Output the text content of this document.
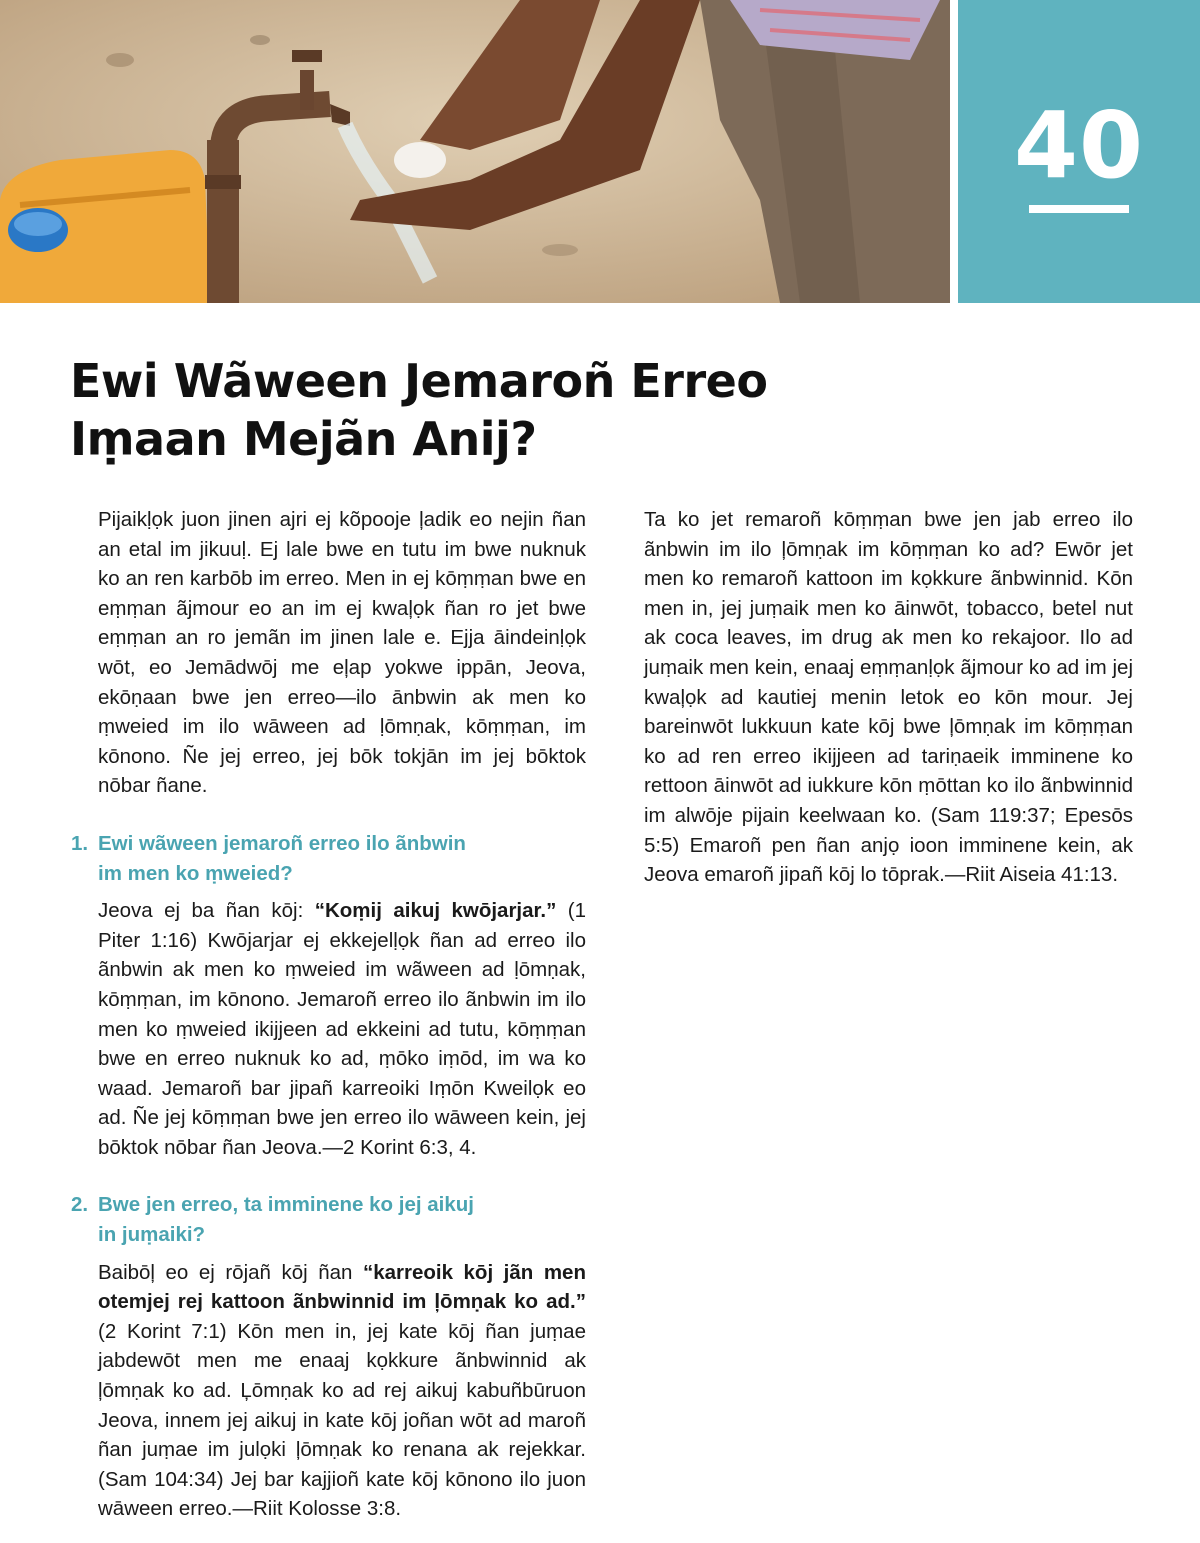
40
Ewi Wãween Jemaroñ Erreo
Iṃaan Mejãn Anij?

Pijaikḷọk juon jinen ajri ej kõpooje ļadik eo nejin ñan an etal im jikuuḷ. Ej lale bwe en tutu im bwe nuknuk ko an ren karbōb im erreo. Men in ej kōṃṃan bwe en eṃṃan ãjmour eo an im ej kwaļọk ñan ro jet bwe eṃṃan an ro jemãn im jinen lale e. Ejja āindeinḷọk wōt, eo Jemādwōj me eļap yokwe ippān, Jeova, ekōṇaan bwe jen erreo—ilo ānbwin ak men ko ṃweied im ilo wāween ad ḷōmṇak, kōṃṃan, im kōnono. Ñe jej erreo, jej bōk tokjān im jej bōktok nōbar ñane.

1. Ewi wãween jemaroñ erreo ilo ãnbwin
im men ko ṃweied?

Jeova ej ba ñan kōj: “Koṃij aikuj kwōjarjar.” (1 Piter 1:16) Kwōjarjar ej ekkejelḷọk ñan ad erreo ilo ãnbwin ak men ko ṃweied im wãween ad ḷōmṇak, kōṃṃan, im kōnono. Jemaroñ erreo ilo ãnbwin im ilo men ko ṃweied ikijjeen ad ekkeini ad tutu, kōṃṃan bwe en erreo nuknuk ko ad, ṃōko iṃōd, im wa ko waad. Jemaroñ bar jipañ karreoiki Iṃōn Kweilọk eo ad. Ñe jej kōṃṃan bwe jen erreo ilo wāween kein, jej bōktok nōbar ñan Jeova.—2 Korint 6:3, 4.

2. Bwe jen erreo, ta imminene ko jej aikuj
in juṃaiki?

Baibōļ eo ej rōjañ kōj ñan “karreoik kōj jãn men otemjej rej kattoon ãnbwinnid im ļōmṇak ko ad.” (2 Korint 7:1) Kōn men in, jej kate kōj ñan juṃae jabdewōt men me enaaj kọkkure ãnbwinnid ak ļōmṇak ko ad. Ļōmṇak ko ad rej aikuj kabuñbūruon Jeova, innem jej aikuj in kate kōj joñan wōt ad maroñ ñan juṃae im julọki ļōmṇak ko renana ak rejekkar. (Sam 104:34) Jej bar kajjioñ kate kōj kōnono ilo juon wāween erreo.—Riit Kolosse 3:8.

Ta ko jet remaroñ kōṃṃan bwe jen jab erreo ilo ãnbwin im ilo ļōmṇak im kōṃṃan ko ad? Ewōr jet men ko remaroñ kattoon im kọkkure ãnbwinnid. Kōn men in, jej juṃaik men ko āinwōt, tobacco, betel nut ak coca leaves, im drug ak men ko rekajoor. Ilo ad juṃaik men kein, enaaj eṃṃanḷọk ãjmour ko ad im jej kwaļọk ad kautiej menin letok eo kōn mour. Jej bareinwōt lukkuun kate kōj bwe ļōmṇak im kōṃṃan ko ad ren erreo ikijjeen ad tariṇaeik imminene ko rettoon āinwōt ad iukkure kōn ṃōttan ko ilo ãnbwinnid im alwōje pijain keelwaan ko. (Sam 119:37; Epesōs 5:5) Emaroñ pen ñan anjọ ioon imminene kein, ak Jeova emaroñ jipañ kōj lo tōprak.—Riit Aiseia 41:13.
